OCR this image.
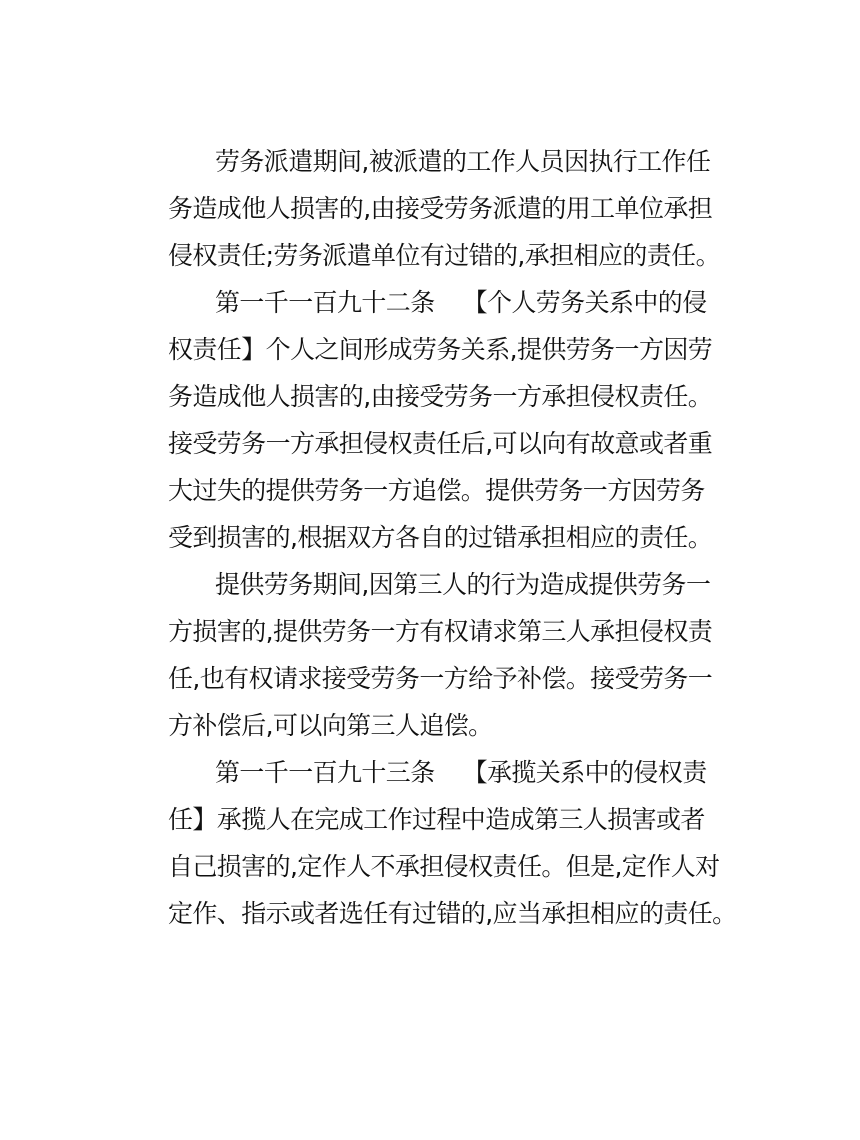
劳务派遣期间,被派遣的工作人员因执行工作任
务造成他人损害的,由接受劳务派遣的用工单位承担
侵权责任;劳务派遣单位有过错的,承担相应的责任。
第一千一百九十二条 【个人劳务关系中的侵
权责任】个人之间形成劳务关系,提供劳务一方因劳
务造成他人损害的,由接受劳务一方承担侵权责任。
接受劳务一方承担侵权责任后,可以向有故意或者重
大过失的提供劳务一方追偿。提供劳务一方因劳务
受到损害的,根据双方各自的过错承担相应的责任。
提供劳务期间,因第三人的行为造成提供劳务一
方损害的,提供劳务一方有权请求第三人承担侵权责
任,也有权请求接受劳务一方给予补偿。接受劳务一
方补偿后,可以向第三人追偿。
第一千一百九十三条 【承揽关系中的侵权责
任】承揽人在完成工作过程中造成第三人损害或者
自己损害的,定作人不承担侵权责任。但是,定作人对
定作、指示或者选任有过错的,应当承担相应的责任。
